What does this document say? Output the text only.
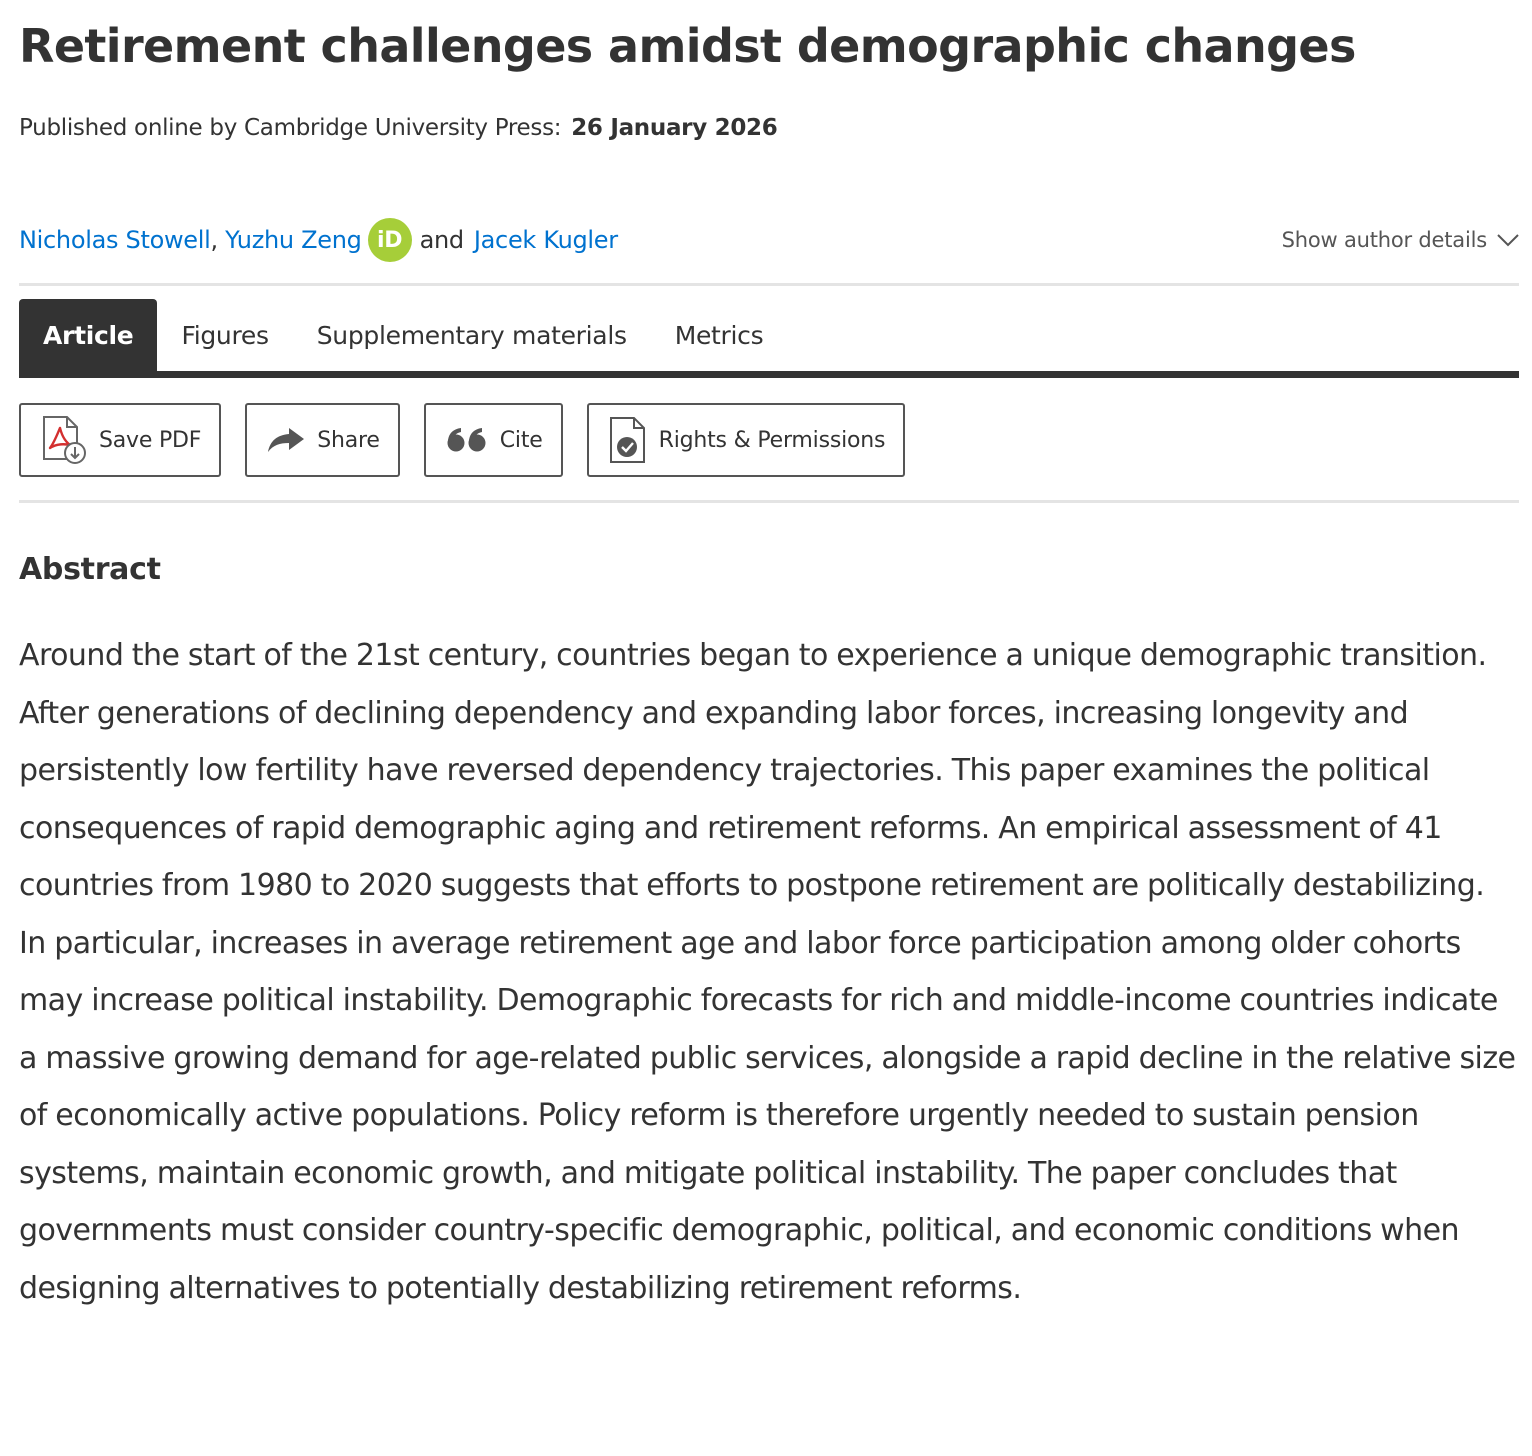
Retirement challenges amidst demographic changes
Published online by Cambridge University Press: 26 January 2026
Nicholas Stowell ,
Yuzhu Zeng iD and Jacek Kugler	Show author details
Article	Figures	Supplementary materials	Metrics
Save PDF	Share	Cite	Rights & Permissions
Abstract

Around the start of the 21st century, countries began to experience a unique demographic transition. After generations of declining dependency and expanding labor forces, increasing longevity and persistently low fertility have reversed dependency trajectories. This paper examines the political consequences of rapid demographic aging and retirement reforms. An empirical assessment of 41 countries from 1980 to 2020 suggests that efforts to postpone retirement are politically destabilizing. In particular, increases in average retirement age and labor force participation among older cohorts may increase political instability. Demographic forecasts for rich and middle-income countries indicate a massive growing demand for age-related public services, alongside a rapid decline in the relative size of economically active populations. Policy reform is therefore urgently needed to sustain pension systems, maintain economic growth, and mitigate political instability. The paper concludes that governments must consider country-specific demographic, political, and economic conditions when designing alternatives to potentially destabilizing retirement reforms.
